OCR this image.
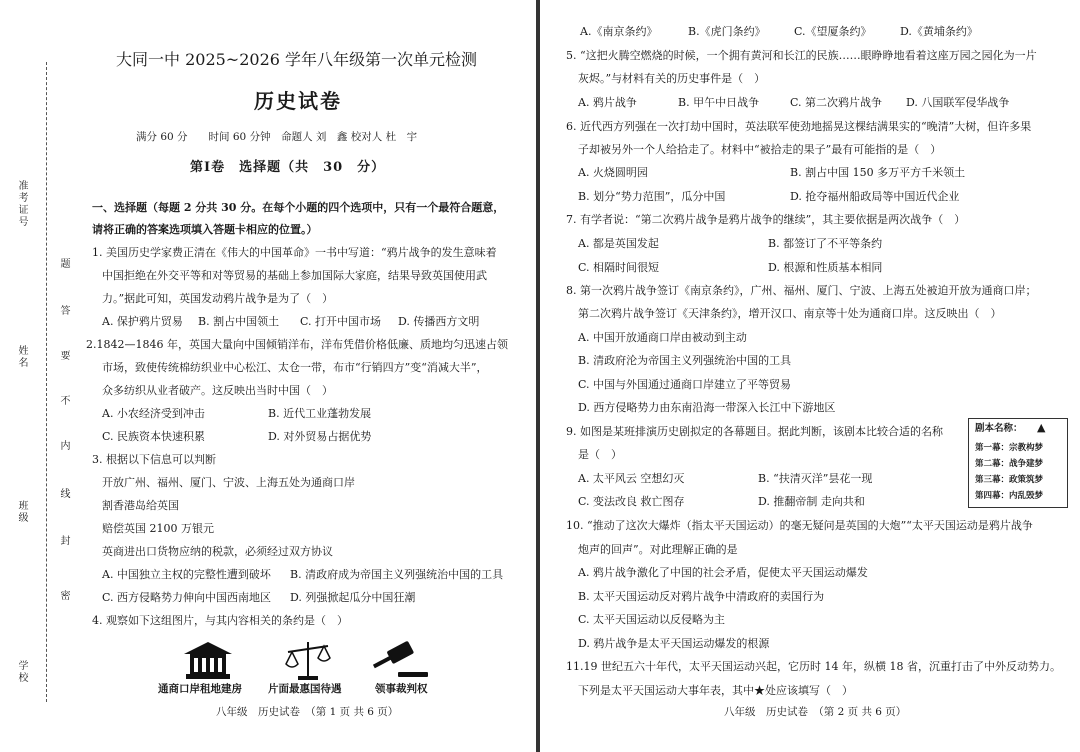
准考证号
姓名
班级
学校
密
封
线
内
不
要
答
题
大同一中 2025~2026 学年八年级第一次单元检测
历史试卷
满分 60 分　　时间 60 分钟　命题人 刘　鑫 校对人 杜　宇
第Ⅰ卷　选择题（共　30　分）
一、选择题（每题 2 分共 30 分。在每个小题的四个选项中，只有一个最符合题意，
请将正确的答案选项填入答题卡相应的位置。）
1. 美国历史学家费正清在《伟大的中国革命》一书中写道：“鸦片战争的发生意味着
中国拒绝在外交平等和对等贸易的基础上参加国际大家庭，结果导致英国使用武
力。”据此可知，英国发动鸦片战争是为了（　）
A. 保护鸦片贸易 B. 割占中国领土 C. 打开中国市场 D. 传播西方文明
2.1842—1846 年，英国大量向中国倾销洋布，洋布凭借价格低廉、质地均匀迅速占领
市场，致使传统棉纺织业中心松江、太仓一带，布市“行销四方”变“消减大半”，
众多纺织从业者破产。这反映出当时中国（　）
A. 小农经济受到冲击	B. 近代工业蓬勃发展
C. 民族资本快速积累	D. 对外贸易占据优势
3. 根据以下信息可以判断
开放广州、福州、厦门、宁波、上海五处为通商口岸
割香港岛给英国
赔偿英国 2100 万银元
英商进出口货物应纳的税款，必须经过双方协议
A. 中国独立主权的完整性遭到破坏 B. 清政府成为帝国主义列强统治中国的工具
C. 西方侵略势力伸向中国西南地区 D. 列强掀起瓜分中国狂潮
4. 观察如下这组图片，与其内容相关的条约是（　）
通商口岸租地建房 片面最惠国待遇	领事裁判权
八年级　历史试卷　（第 1 页 共 6 页）
A.《南京条约》	B.《虎门条约》	C.《望厦条约》	D.《黄埔条约》
5. “这把火腾空燃烧的时候，一个拥有黄河和长江的民族……眼睁睁地看着这座万园之园化为一片
灰烬。”与材料有关的历史事件是（　）
A. 鸦片战争	B. 甲午中日战争	C. 第二次鸦片战争 D. 八国联军侵华战争
6. 近代西方列强在一次打劫中国时，英法联军使劲地摇晃这棵结满果实的“晚清”大树，但许多果
子却被另外一个人给拾走了。材料中“被拾走的果子”最有可能指的是（　）
A. 火烧圆明园	B. 割占中国 150 多万平方千米领土
B. 划分“势力范围”，瓜分中国	D. 抢夺福州船政局等中国近代企业
7. 有学者说：“第二次鸦片战争是鸦片战争的继续”，其主要依据是两次战争（　）
A. 都是英国发起	B. 都签订了不平等条约
C. 相隔时间很短	D. 根源和性质基本相同
8. 第一次鸦片战争签订《南京条约》，广州、福州、厦门、宁波、上海五处被迫开放为通商口岸；
第二次鸦片战争签订《天津条约》，增开汉口、南京等十处为通商口岸。这反映出（　）
A. 中国开放通商口岸由被动到主动
B. 清政府沦为帝国主义列强统治中国的工具
C. 中国与外国通过通商口岸建立了平等贸易
D. 西方侵略势力由东南沿海一带深入长江中下游地区
9. 如图是某班排演历史剧拟定的各幕题目。据此判断，该剧本比较合适的名称
是（　）
A. 太平风云 空想幻灭	B. “扶清灭洋”昙花一现
C. 变法改良 救亡图存	D. 推翻帝制 走向共和
10. “推动了这次大爆炸（指太平天国运动）的毫无疑问是英国的大炮”“太平天国运动是鸦片战争
炮声的回声”。对此理解正确的是
A. 鸦片战争激化了中国的社会矛盾，促使太平天国运动爆发
B. 太平天国运动反对鸦片战争中清政府的卖国行为
C. 太平天国运动以反侵略为主
D. 鸦片战争是太平天国运动爆发的根源
11.19 世纪五六十年代，太平天国运动兴起，它历时 14 年，纵横 18 省，沉重打击了中外反动势力。
下列是太平天国运动大事年表，其中★处应该填写（　）
八年级　历史试卷　（第 2 页 共 6 页）
剧本名称： ▲
第一幕：宗教构梦
第二幕：战争建梦
第三幕：政策筑梦
第四幕：内乱毁梦
